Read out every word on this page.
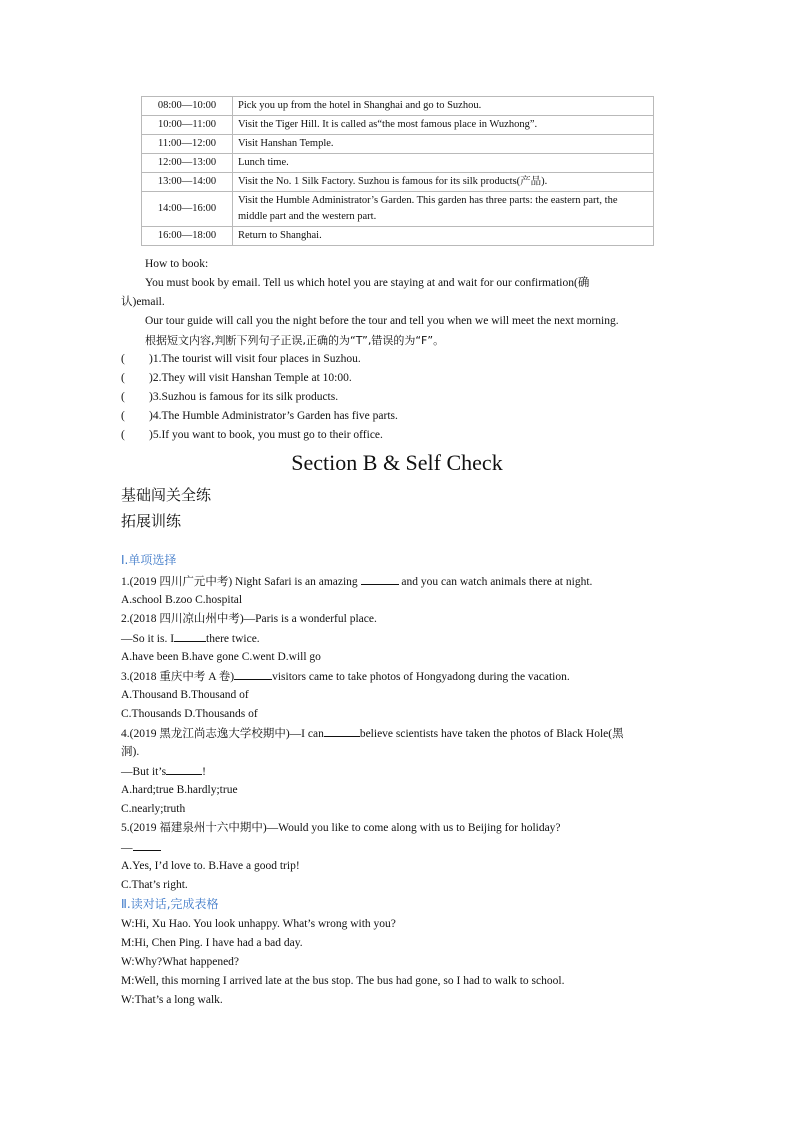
08:00—10:00	Pick you up from the hotel in Shanghai and go to Suzhou.
10:00—11:00	Visit the Tiger Hill. It is called as“the most famous place in Wuzhong”.
11:00—12:00	Visit Hanshan Temple.
12:00—13:00	Lunch time.
13:00—14:00	Visit the No. 1 Silk Factory. Suzhou is famous for its silk products(产品).
14:00—16:00	Visit the Humble Administrator’s Garden. This garden has three parts: the eastern part, the middle part and the western part.
16:00—18:00	Return to Shanghai.
How to book:
You must book by email. Tell us which hotel you are staying at and wait for our confirmation(确
认)email.
Our tour guide will call you the night before the tour and tell you when we will meet the next morning.
根据短文内容,判断下列句子正误,正确的为“T”,错误的为“F”。
( )1.The tourist will visit four places in Suzhou.
( )2.They will visit Hanshan Temple at 10:00.
( )3.Suzhou is famous for its silk products.
( )4.The Humble Administrator’s Garden has five parts.
( )5.If you want to book, you must go to their office.
Section B & Self Check
基础闯关全练
拓展训练
Ⅰ.单项选择
1.(2019 四川广元中考) Night Safari is an amazing	and you can watch animals there at night.
A.school B.zoo C.hospital
2.(2018 四川凉山州中考)—Paris is a wonderful place.
—So it is. I	there twice.
A.have been B.have gone C.went D.will go
3.(2018 重庆中考 A 卷)	visitors came to take photos of Hongyadong during the vacation.
A.Thousand B.Thousand of
C.Thousands D.Thousands of
4.(2019 黑龙江尚志逸大学校期中)—I can	believe scientists have taken the photos of Black Hole(黑
洞).
—But it’s	!
A.hard;true B.hardly;true
C.nearly;truth
5.(2019 福建泉州十六中期中)—Would you like to come along with us to Beijing for holiday?
—
A.Yes, I’d love to. B.Have a good trip!
C.That’s right.
Ⅱ.读对话,完成表格
W:Hi, Xu Hao. You look unhappy. What’s wrong with you?
M:Hi, Chen Ping. I have had a bad day.
W:Why?What happened?
M:Well, this morning I arrived late at the bus stop. The bus had gone, so I had to walk to school.
W:That’s a long walk.
